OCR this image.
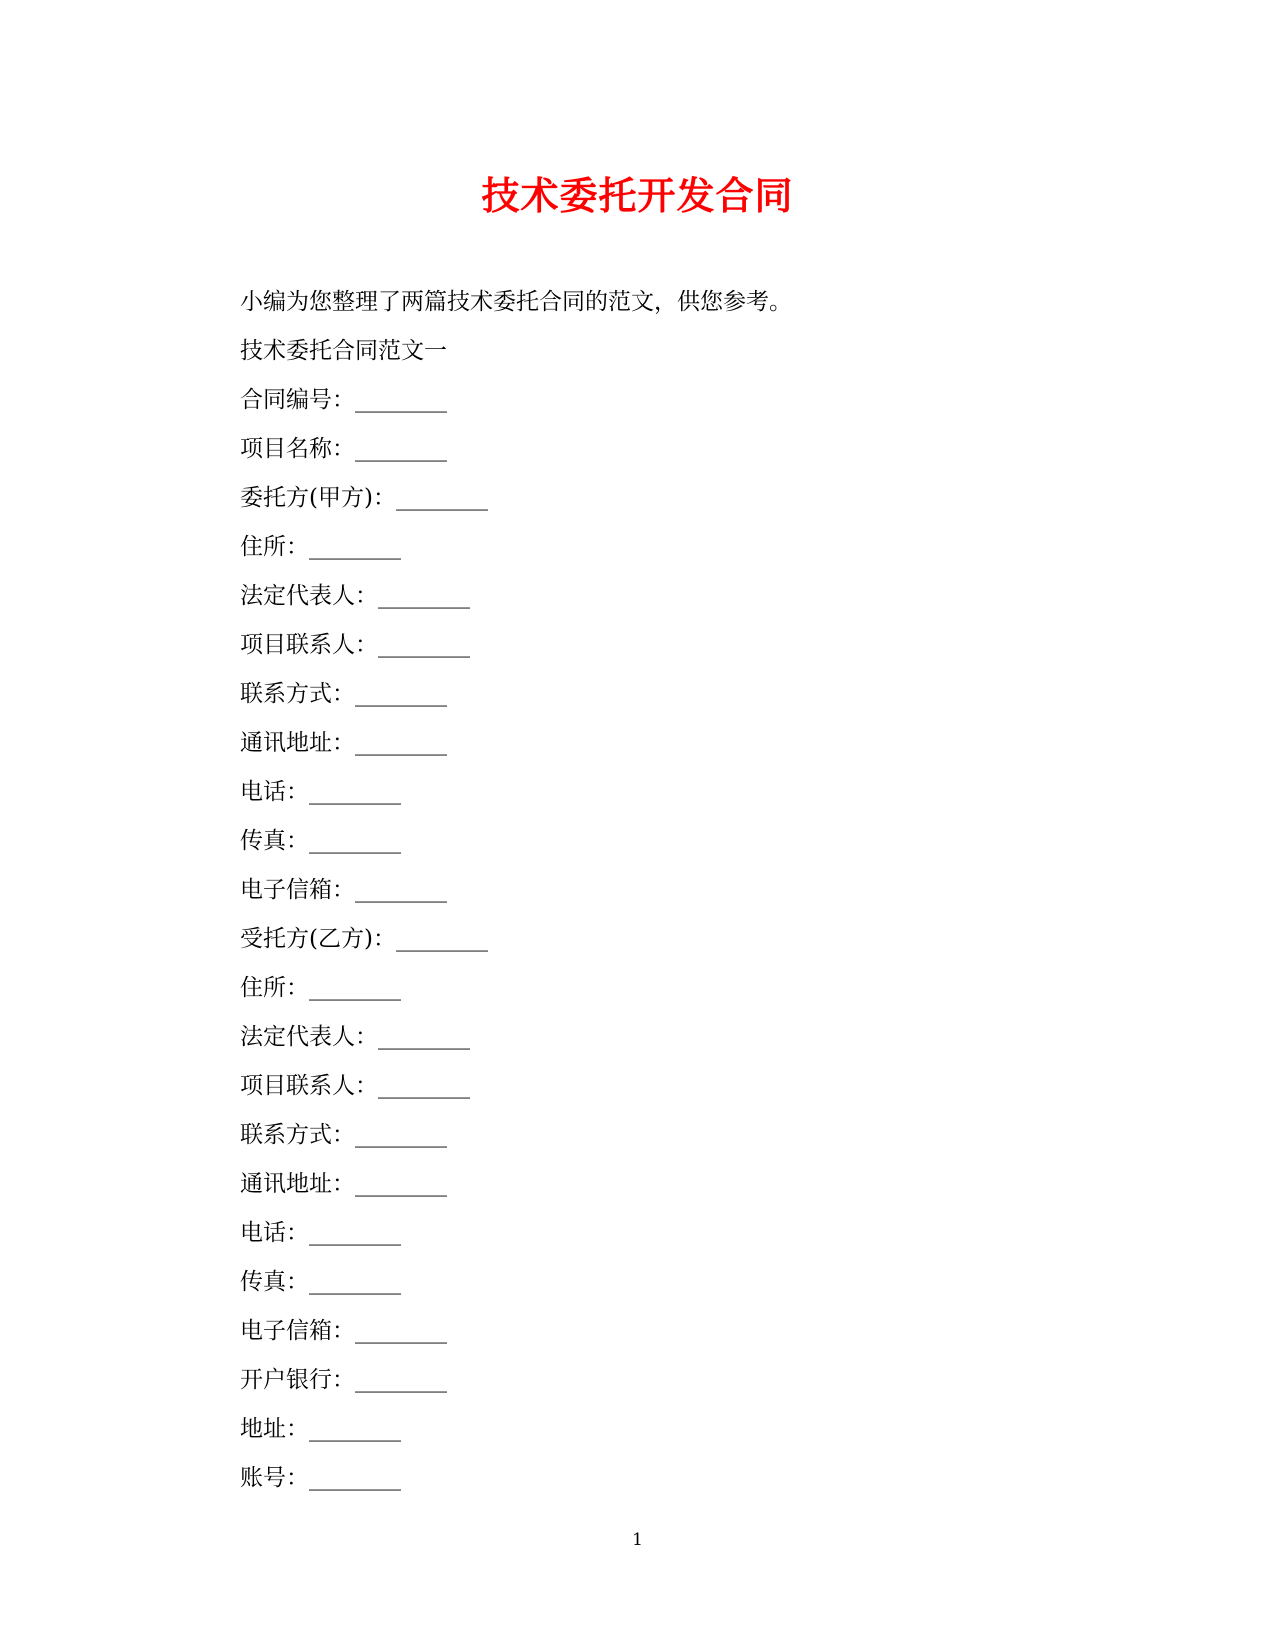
技术委托开发合同
小编为您整理了两篇技术委托合同的范文，供您参考。
技术委托合同范文一
合同编号：________
项目名称：________
委托方(甲方)：________
住所：________
法定代表人：________
项目联系人：________
联系方式：________
通讯地址：________
电话：________
传真：________
电子信箱：________
受托方(乙方)：________
住所：________
法定代表人：________
项目联系人：________
联系方式：________
通讯地址：________
电话：________
传真：________
电子信箱：________
开户银行：________
地址：________
账号：________
1
